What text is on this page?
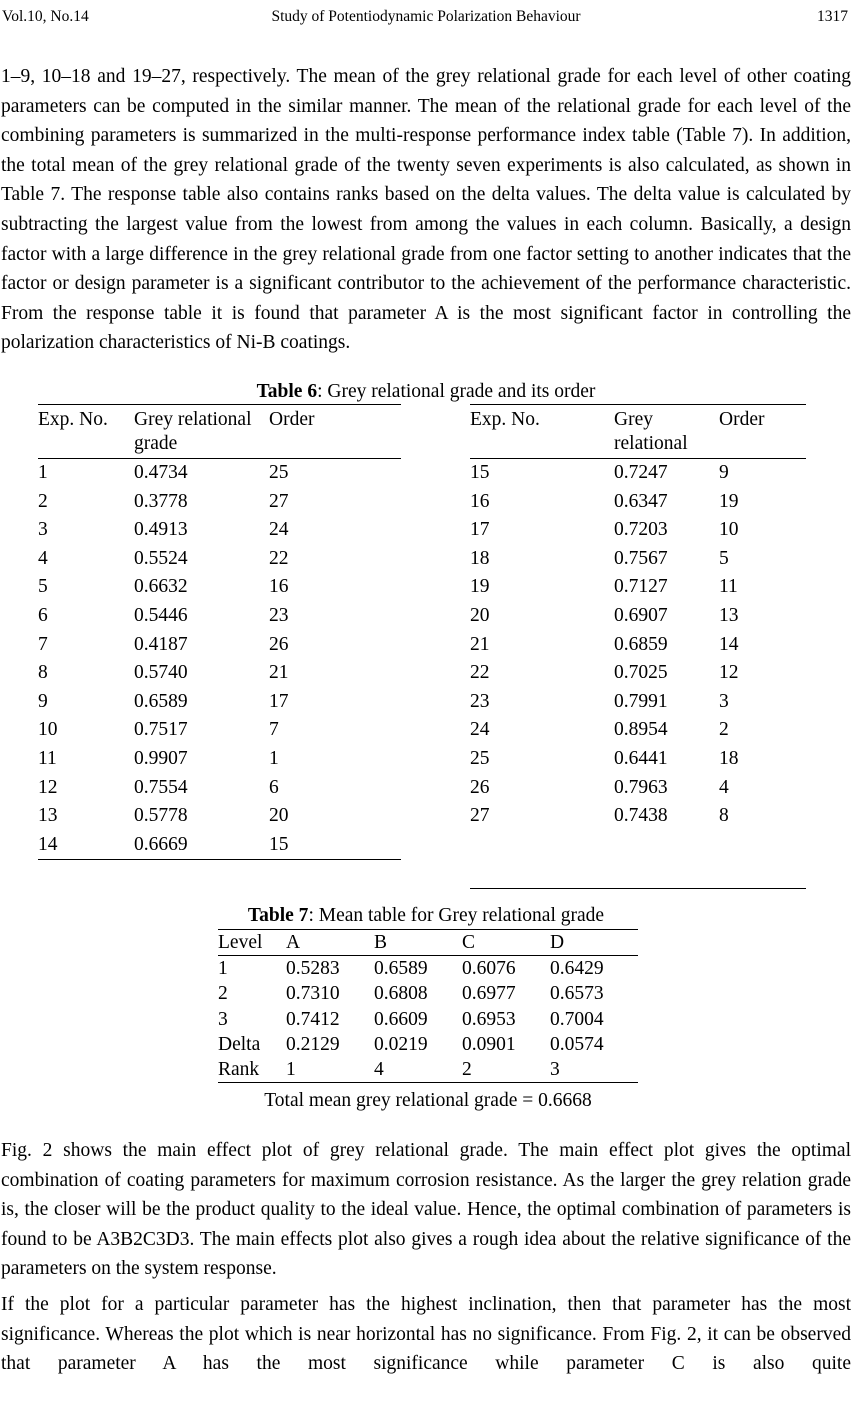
Vol.10, No.14	Study of Potentiodynamic Polarization Behaviour	1317

1–9, 10–18 and 19–27, respectively. The mean of the grey relational grade for each level of other coating parameters can be computed in the similar manner. The mean of the relational grade for each level of the combining parameters is summarized in the multi-response performance index table (Table 7). In addition, the total mean of the grey relational grade of the twenty seven experiments is also calculated, as shown in Table 7. The response table also contains ranks based on the delta values. The delta value is calculated by subtracting the largest value from the lowest from among the values in each column. Basically, a design factor with a large difference in the grey relational grade from one factor setting to another indicates that the factor or design parameter is a significant contributor to the achievement of the performance characteristic. From the response table it is found that parameter A is the most significant factor in controlling the polarization characteristics of Ni-B coatings.

Table 6: Grey relational grade and its order
Exp. No.	Grey relational grade	Order
1	0.4734	25
2	0.3778	27
3	0.4913	24
4	0.5524	22
5	0.6632	16
6	0.5446	23
7	0.4187	26
8	0.5740	21
9	0.6589	17
10	0.7517	7
11	0.9907	1
12	0.7554	6
13	0.5778	20
14	0.6669	15
Exp. No.	Grey relational	Order
15	0.7247	9
16	0.6347	19
17	0.7203	10
18	0.7567	5
19	0.7127	11
20	0.6907	13
21	0.6859	14
22	0.7025	12
23	0.7991	3
24	0.8954	2
25	0.6441	18
26	0.7963	4
27	0.7438	8

Table 7: Mean table for Grey relational grade
Level	A	B	C	D
1	0.5283	0.6589	0.6076	0.6429
2	0.7310	0.6808	0.6977	0.6573
3	0.7412	0.6609	0.6953	0.7004
Delta	0.2129	0.0219	0.0901	0.0574
Rank	1	4	2	3
Total mean grey relational grade = 0.6668

Fig. 2 shows the main effect plot of grey relational grade. The main effect plot gives the optimal combination of coating parameters for maximum corrosion resistance. As the larger the grey relation grade is, the closer will be the product quality to the ideal value. Hence, the optimal combination of parameters is found to be A3B2C3D3. The main effects plot also gives a rough idea about the relative significance of the parameters on the system response.

If the plot for a particular parameter has the highest inclination, then that parameter has the most significance. Whereas the plot which is near horizontal has no significance. From Fig. 2, it can be observed that parameter A has the most significance while parameter C is also quite
